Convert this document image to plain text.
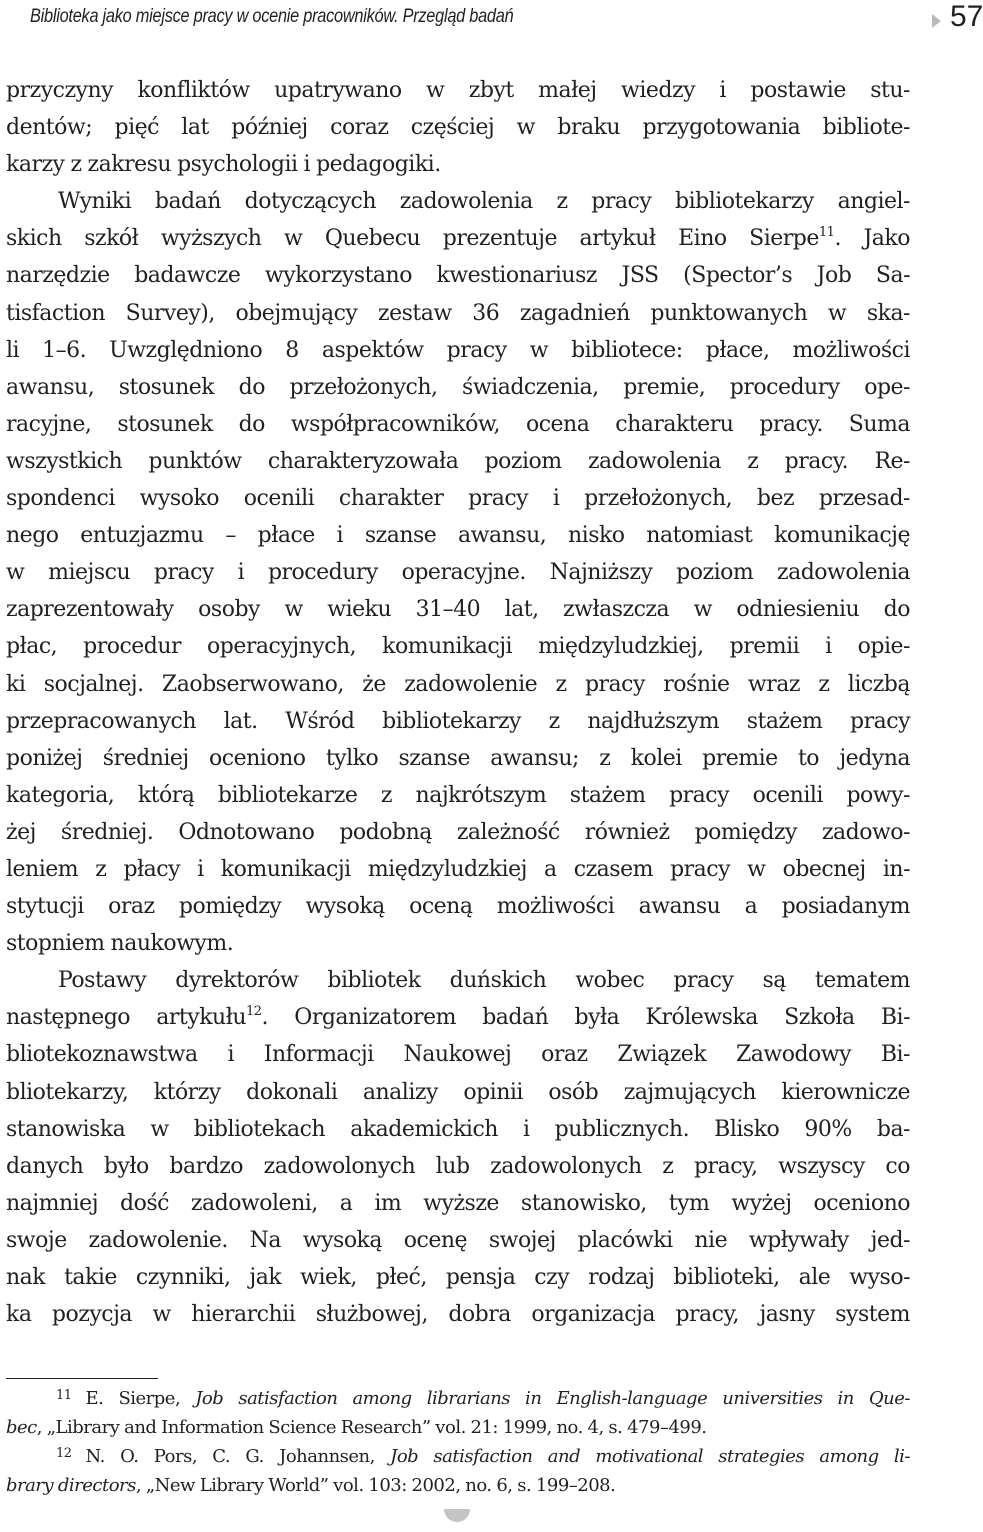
Biblioteka jako miejsce pracy w ocenie pracowników. Przegląd badań	57
przyczyny konfliktów upatrywano w zbyt małej wiedzy i postawie stu-
dentów; pięć lat później coraz częściej w braku przygotowania bibliote-
karzy z zakresu psychologii i pedagogiki.
Wyniki badań dotyczących zadowolenia z pracy bibliotekarzy angiel-
skich szkół wyższych w Quebecu prezentuje artykuł Eino Sierpe$^{11}$. Jako
narzędzie badawcze wykorzystano kwestionariusz JSS (Spector’s Job Sa-
tisfaction Survey), obejmujący zestaw 36 zagadnień punktowanych w ska-
li 1–6. Uwzględniono 8 aspektów pracy w bibliotece: płace, możliwości
awansu, stosunek do przełożonych, świadczenia, premie, procedury ope-
racyjne, stosunek do współpracowników, ocena charakteru pracy. Suma
wszystkich punktów charakteryzowała poziom zadowolenia z pracy. Re-
spondenci wysoko ocenili charakter pracy i przełożonych, bez przesad-
nego entuzjazmu – płace i szanse awansu, nisko natomiast komunikację
w miejscu pracy i procedury operacyjne. Najniższy poziom zadowolenia
zaprezentowały osoby w wieku 31–40 lat, zwłaszcza w odniesieniu do
płac, procedur operacyjnych, komunikacji międzyludzkiej, premii i opie-
ki socjalnej. Zaobserwowano, że zadowolenie z pracy rośnie wraz z liczbą
przepracowanych lat. Wśród bibliotekarzy z najdłuższym stażem pracy
poniżej średniej oceniono tylko szanse awansu; z kolei premie to jedyna
kategoria, którą bibliotekarze z najkrótszym stażem pracy ocenili powy-
żej średniej. Odnotowano podobną zależność również pomiędzy zadowo-
leniem z płacy i komunikacji międzyludzkiej a czasem pracy w obecnej in-
stytucji oraz pomiędzy wysoką oceną możliwości awansu a posiadanym
stopniem naukowym.
Postawy dyrektorów bibliotek duńskich wobec pracy są tematem
następnego artykułu$^{12}$. Organizatorem badań była Królewska Szkoła Bi-
bliotekoznawstwa i Informacji Naukowej oraz Związek Zawodowy Bi-
bliotekarzy, którzy dokonali analizy opinii osób zajmujących kierownicze
stanowiska w bibliotekach akademickich i publicznych. Blisko 90% ba-
danych było bardzo zadowolonych lub zadowolonych z pracy, wszyscy co
najmniej dość zadowoleni, a im wyższe stanowisko, tym wyżej oceniono
swoje zadowolenie. Na wysoką ocenę swojej placówki nie wpływały jed-
nak takie czynniki, jak wiek, płeć, pensja czy rodzaj biblioteki, ale wyso-
ka pozycja w hierarchii służbowej, dobra organizacja pracy, jasny system
$^{11}$ E. Sierpe, Job satisfaction among librarians in English-language universities in Que-
bec, „Library and Information Science Research” vol. 21: 1999, no. 4, s. 479–499.
$^{12}$ N. O. Pors, C. G. Johannsen, Job satisfaction and motivational strategies among li-
brary directors, „New Library World” vol. 103: 2002, no. 6, s. 199–208.
